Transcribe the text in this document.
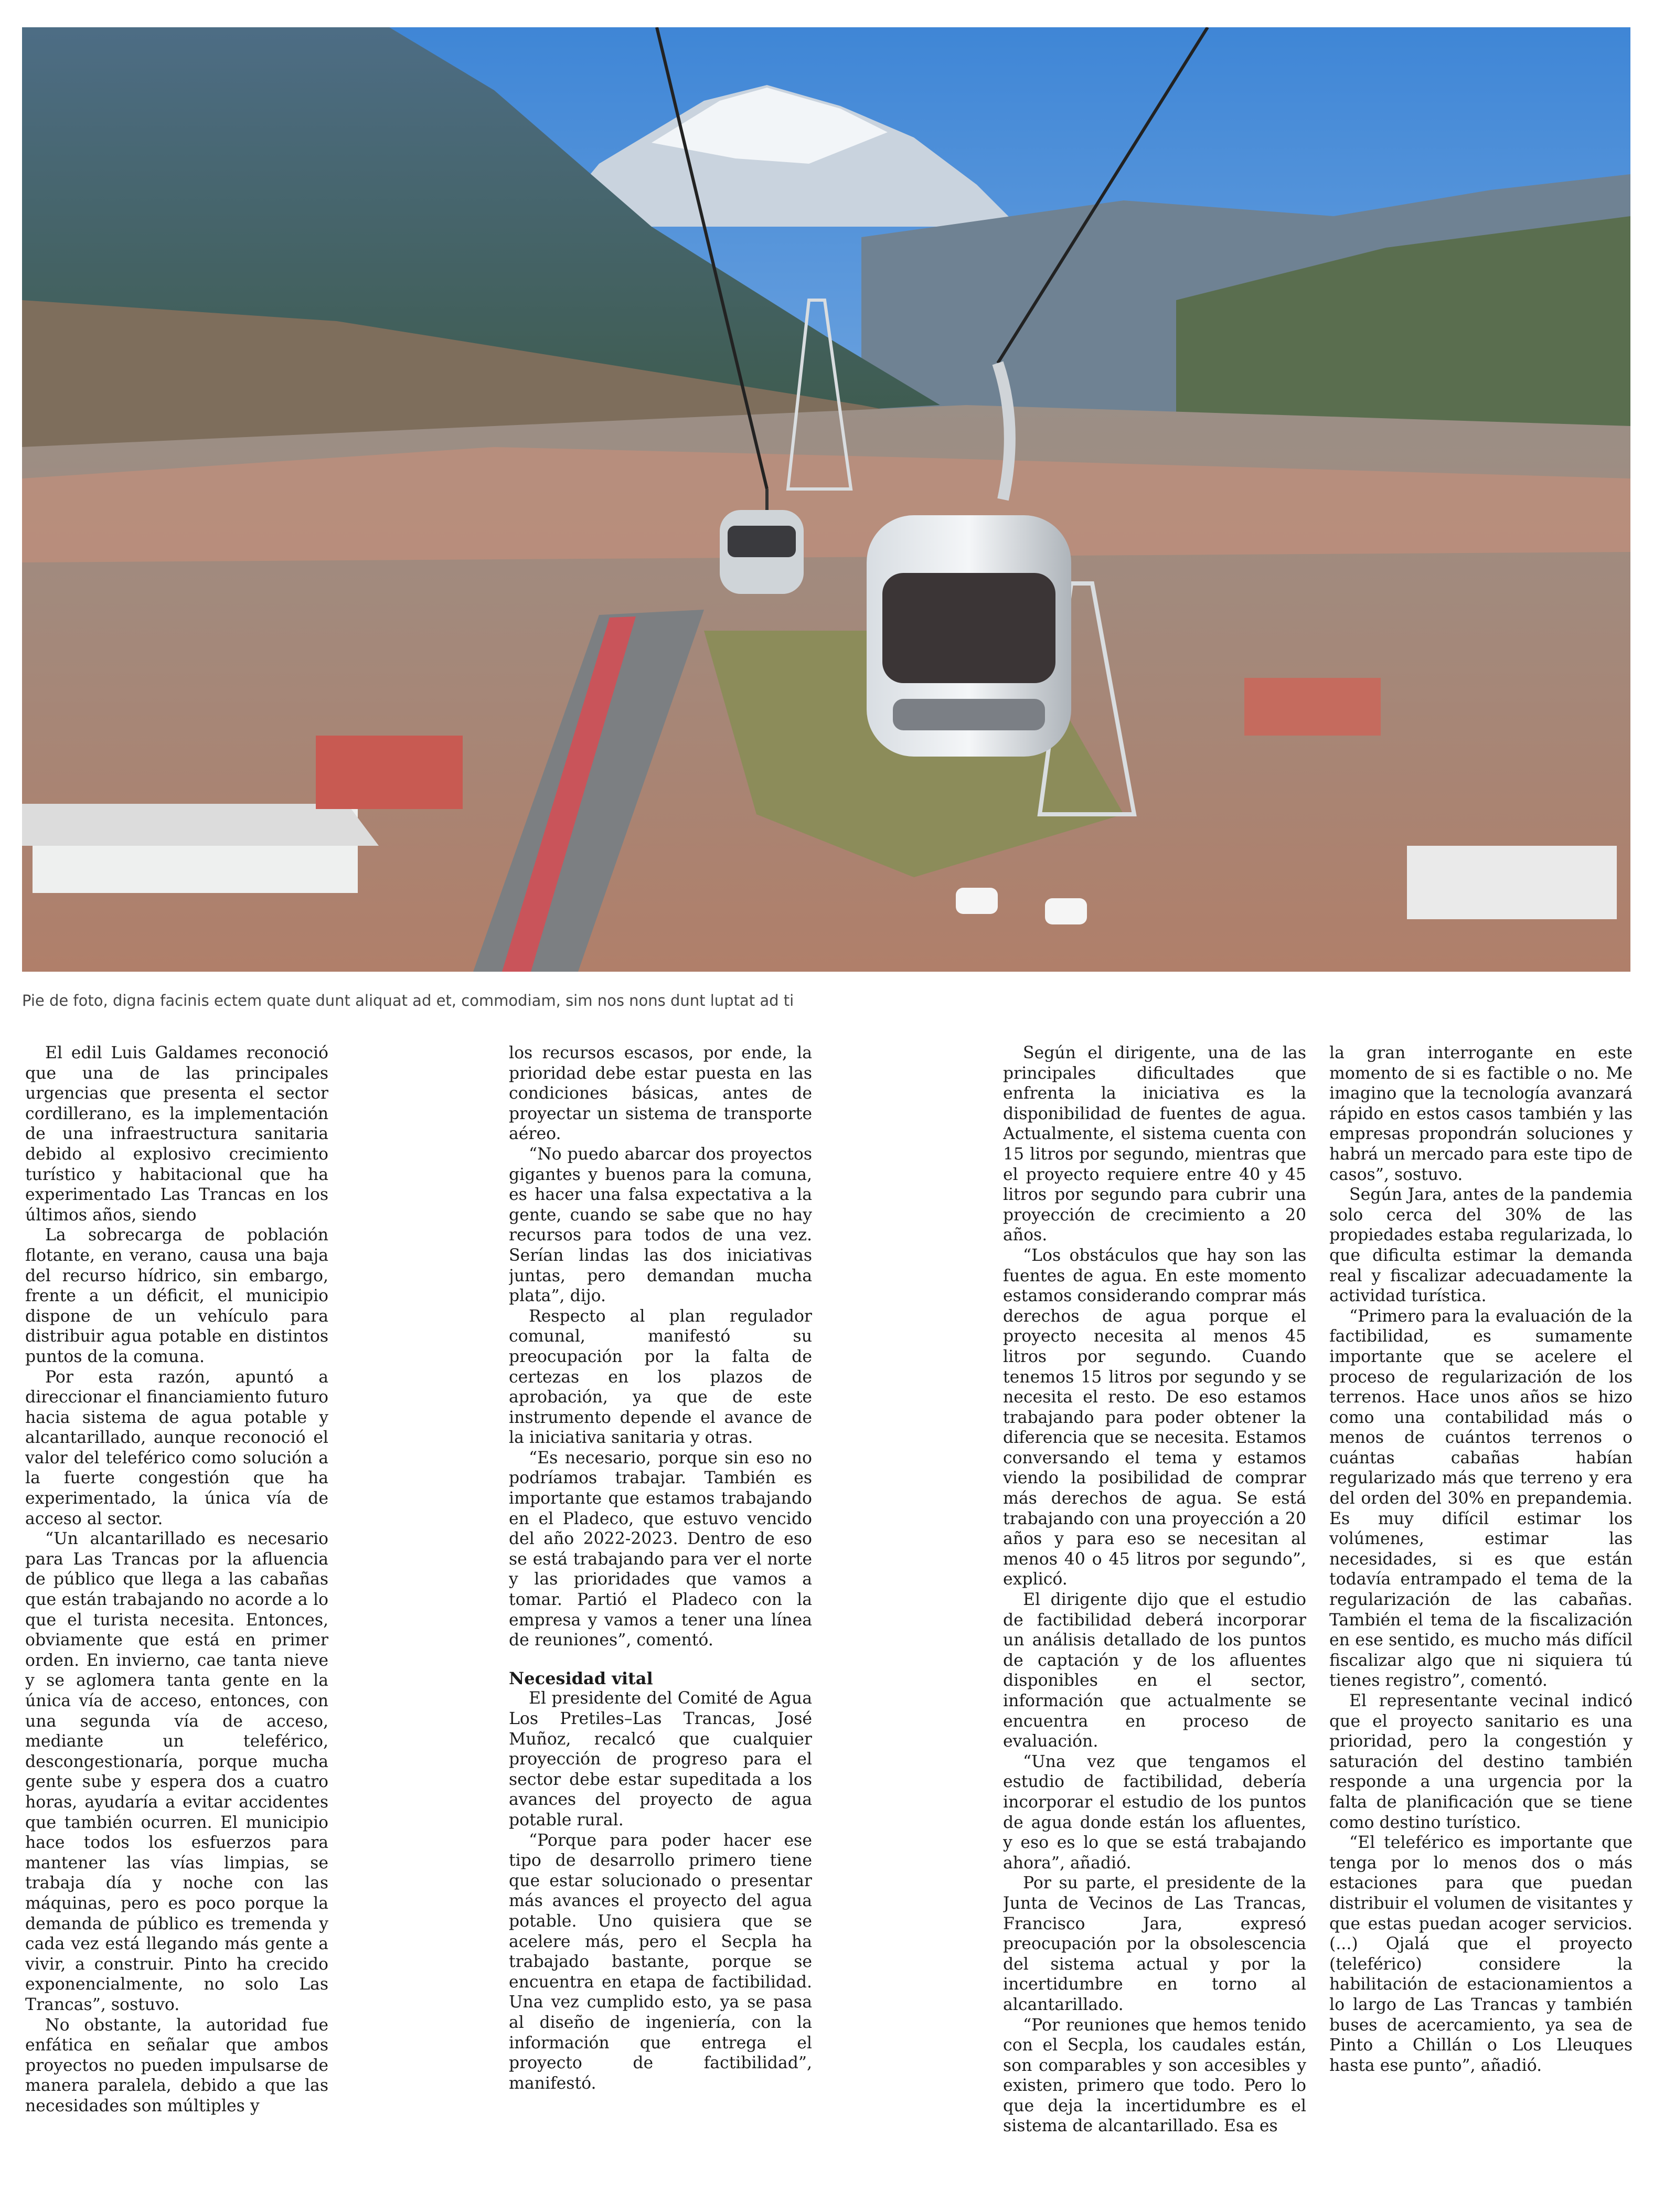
Pie de foto, digna facinis ectem quate dunt aliquat ad et, commodiam, sim nos nons dunt luptat ad ti

El edil Luis Galdames reconoció que una de las principales urgencias que presenta el sector cordillerano, es la implementación de una infraestructura sanitaria debido al explosivo crecimiento turístico y habitacional que ha experimentado Las Trancas en los últimos años, siendo

La sobrecarga de población flotante, en verano, causa una baja del recurso hídrico, sin embargo, frente a un déficit, el municipio dispone de un vehículo para distribuir agua potable en distintos puntos de la comuna.

Por esta razón, apuntó a direccionar el financiamiento futuro hacia sistema de agua potable y alcantarillado, aunque reconoció el valor del teleférico como solución a la fuerte congestión que ha experimentado, la única vía de acceso al sector.

“Un alcantarillado es necesario para Las Trancas por la afluencia de público que llega a las cabañas que están trabajando no acorde a lo que el turista necesita. Entonces, obviamente que está en primer orden. En invierno, cae tanta nieve y se aglomera tanta gente en la única vía de acceso, entonces, con una segunda vía de acceso, mediante un teleférico, descongestionaría, porque mucha gente sube y espera dos a cuatro horas, ayudaría a evitar accidentes que también ocurren. El municipio hace todos los esfuerzos para mantener las vías limpias, se trabaja día y noche con las máquinas, pero es poco porque la demanda de público es tremenda y cada vez está llegando más gente a vivir, a construir. Pinto ha crecido exponencialmente, no solo Las Trancas”, sostuvo.

No obstante, la autoridad fue enfática en señalar que ambos proyectos no pueden impulsarse de manera paralela, debido a que las necesidades son múltiples y

los recursos escasos, por ende, la prioridad debe estar puesta en las condiciones básicas, antes de proyectar un sistema de transporte aéreo.

“No puedo abarcar dos proyectos gigantes y buenos para la comuna, es hacer una falsa expectativa a la gente, cuando se sabe que no hay recursos para todos de una vez. Serían lindas las dos iniciativas juntas, pero demandan mucha plata”, dijo.

Respecto al plan regulador comunal, manifestó su preocupación por la falta de certezas en los plazos de aprobación, ya que de este instrumento depende el avance de la iniciativa sanitaria y otras.

“Es necesario, porque sin eso no podríamos trabajar. También es importante que estamos trabajando en el Pladeco, que estuvo vencido del año 2022-2023. Dentro de eso se está trabajando para ver el norte y las prioridades que vamos a tomar. Partió el Pladeco con la empresa y vamos a tener una línea de reuniones”, comentó.

Necesidad vital

El presidente del Comité de Agua Los Pretiles–Las Trancas, José Muñoz, recalcó que cualquier proyección de progreso para el sector debe estar supeditada a los avances del proyecto de agua potable rural.

“Porque para poder hacer ese tipo de desarrollo primero tiene que estar solucionado o presentar más avances el proyecto del agua potable. Uno quisiera que se acelere más, pero el Secpla ha trabajado bastante, porque se encuentra en etapa de factibilidad. Una vez cumplido esto, ya se pasa al diseño de ingeniería, con la información que entrega el proyecto de factibilidad”, manifestó.

Según el dirigente, una de las principales dificultades que enfrenta la iniciativa es la disponibilidad de fuentes de agua. Actualmente, el sistema cuenta con 15 litros por segundo, mientras que el proyecto requiere entre 40 y 45 litros por segundo para cubrir una proyección de crecimiento a 20 años.

“Los obstáculos que hay son las fuentes de agua. En este momento estamos considerando comprar más derechos de agua porque el proyecto necesita al menos 45 litros por segundo. Cuando tenemos 15 litros por segundo y se necesita el resto. De eso estamos trabajando para poder obtener la diferencia que se necesita. Estamos conversando el tema y estamos viendo la posibilidad de comprar más derechos de agua. Se está trabajando con una proyección a 20 años y para eso se necesitan al menos 40 o 45 litros por segundo”, explicó.

El dirigente dijo que el estudio de factibilidad deberá incorporar un análisis detallado de los puntos de captación y de los afluentes disponibles en el sector, información que actualmente se encuentra en proceso de evaluación.

“Una vez que tengamos el estudio de factibilidad, debería incorporar el estudio de los puntos de agua donde están los afluentes, y eso es lo que se está trabajando ahora”, añadió.

Por su parte, el presidente de la Junta de Vecinos de Las Trancas, Francisco Jara, expresó preocupación por la obsolescencia del sistema actual y por la incertidumbre en torno al alcantarillado.

“Por reuniones que hemos tenido con el Secpla, los caudales están, son comparables y son accesibles y existen, primero que todo. Pero lo que deja la incertidumbre es el sistema de alcantarillado. Esa es

la gran interrogante en este momento de si es factible o no. Me imagino que la tecnología avanzará rápido en estos casos también y las empresas propondrán soluciones y habrá un mercado para este tipo de casos”, sostuvo.

Según Jara, antes de la pandemia solo cerca del 30% de las propiedades estaba regularizada, lo que dificulta estimar la demanda real y fiscalizar adecuadamente la actividad turística.

“Primero para la evaluación de la factibilidad, es sumamente importante que se acelere el proceso de regularización de los terrenos. Hace unos años se hizo como una contabilidad más o menos de cuántos terrenos o cuántas cabañas habían regularizado más que terreno y era del orden del 30% en prepandemia. Es muy difícil estimar los volúmenes, estimar las necesidades, si es que están todavía entrampado el tema de la regularización de las cabañas. También el tema de la fiscalización en ese sentido, es mucho más difícil fiscalizar algo que ni siquiera tú tienes registro”, comentó.

El representante vecinal indicó que el proyecto sanitario es una prioridad, pero la congestión y saturación del destino también responde a una urgencia por la falta de planificación que se tiene como destino turístico.

“El teleférico es importante que tenga por lo menos dos o más estaciones para que puedan distribuir el volumen de visitantes y que estas puedan acoger servicios. (...) Ojalá que el proyecto (teleférico) considere la habilitación de estacionamientos a lo largo de Las Trancas y también buses de acercamiento, ya sea de Pinto a Chillán o Los Lleuques hasta ese punto”, añadió.
